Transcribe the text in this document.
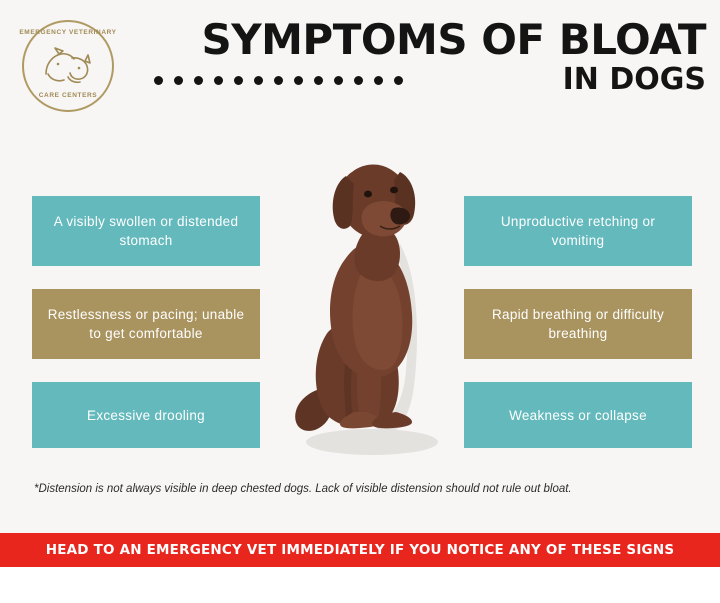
EMERGENCY VETERINARY
CARE CENTERS
SYMPTOMS OF BLOAT
IN DOGS
A visibly swollen or distended stomach
Restlessness or pacing; unable to get comfortable
Excessive drooling
Unproductive retching or vomiting
Rapid breathing or difficulty breathing
Weakness or collapse
*Distension is not always visible in deep chested dogs. Lack of visible distension should not rule out bloat.
HEAD TO AN EMERGENCY VET IMMEDIATELY IF YOU NOTICE ANY OF THESE SIGNS
